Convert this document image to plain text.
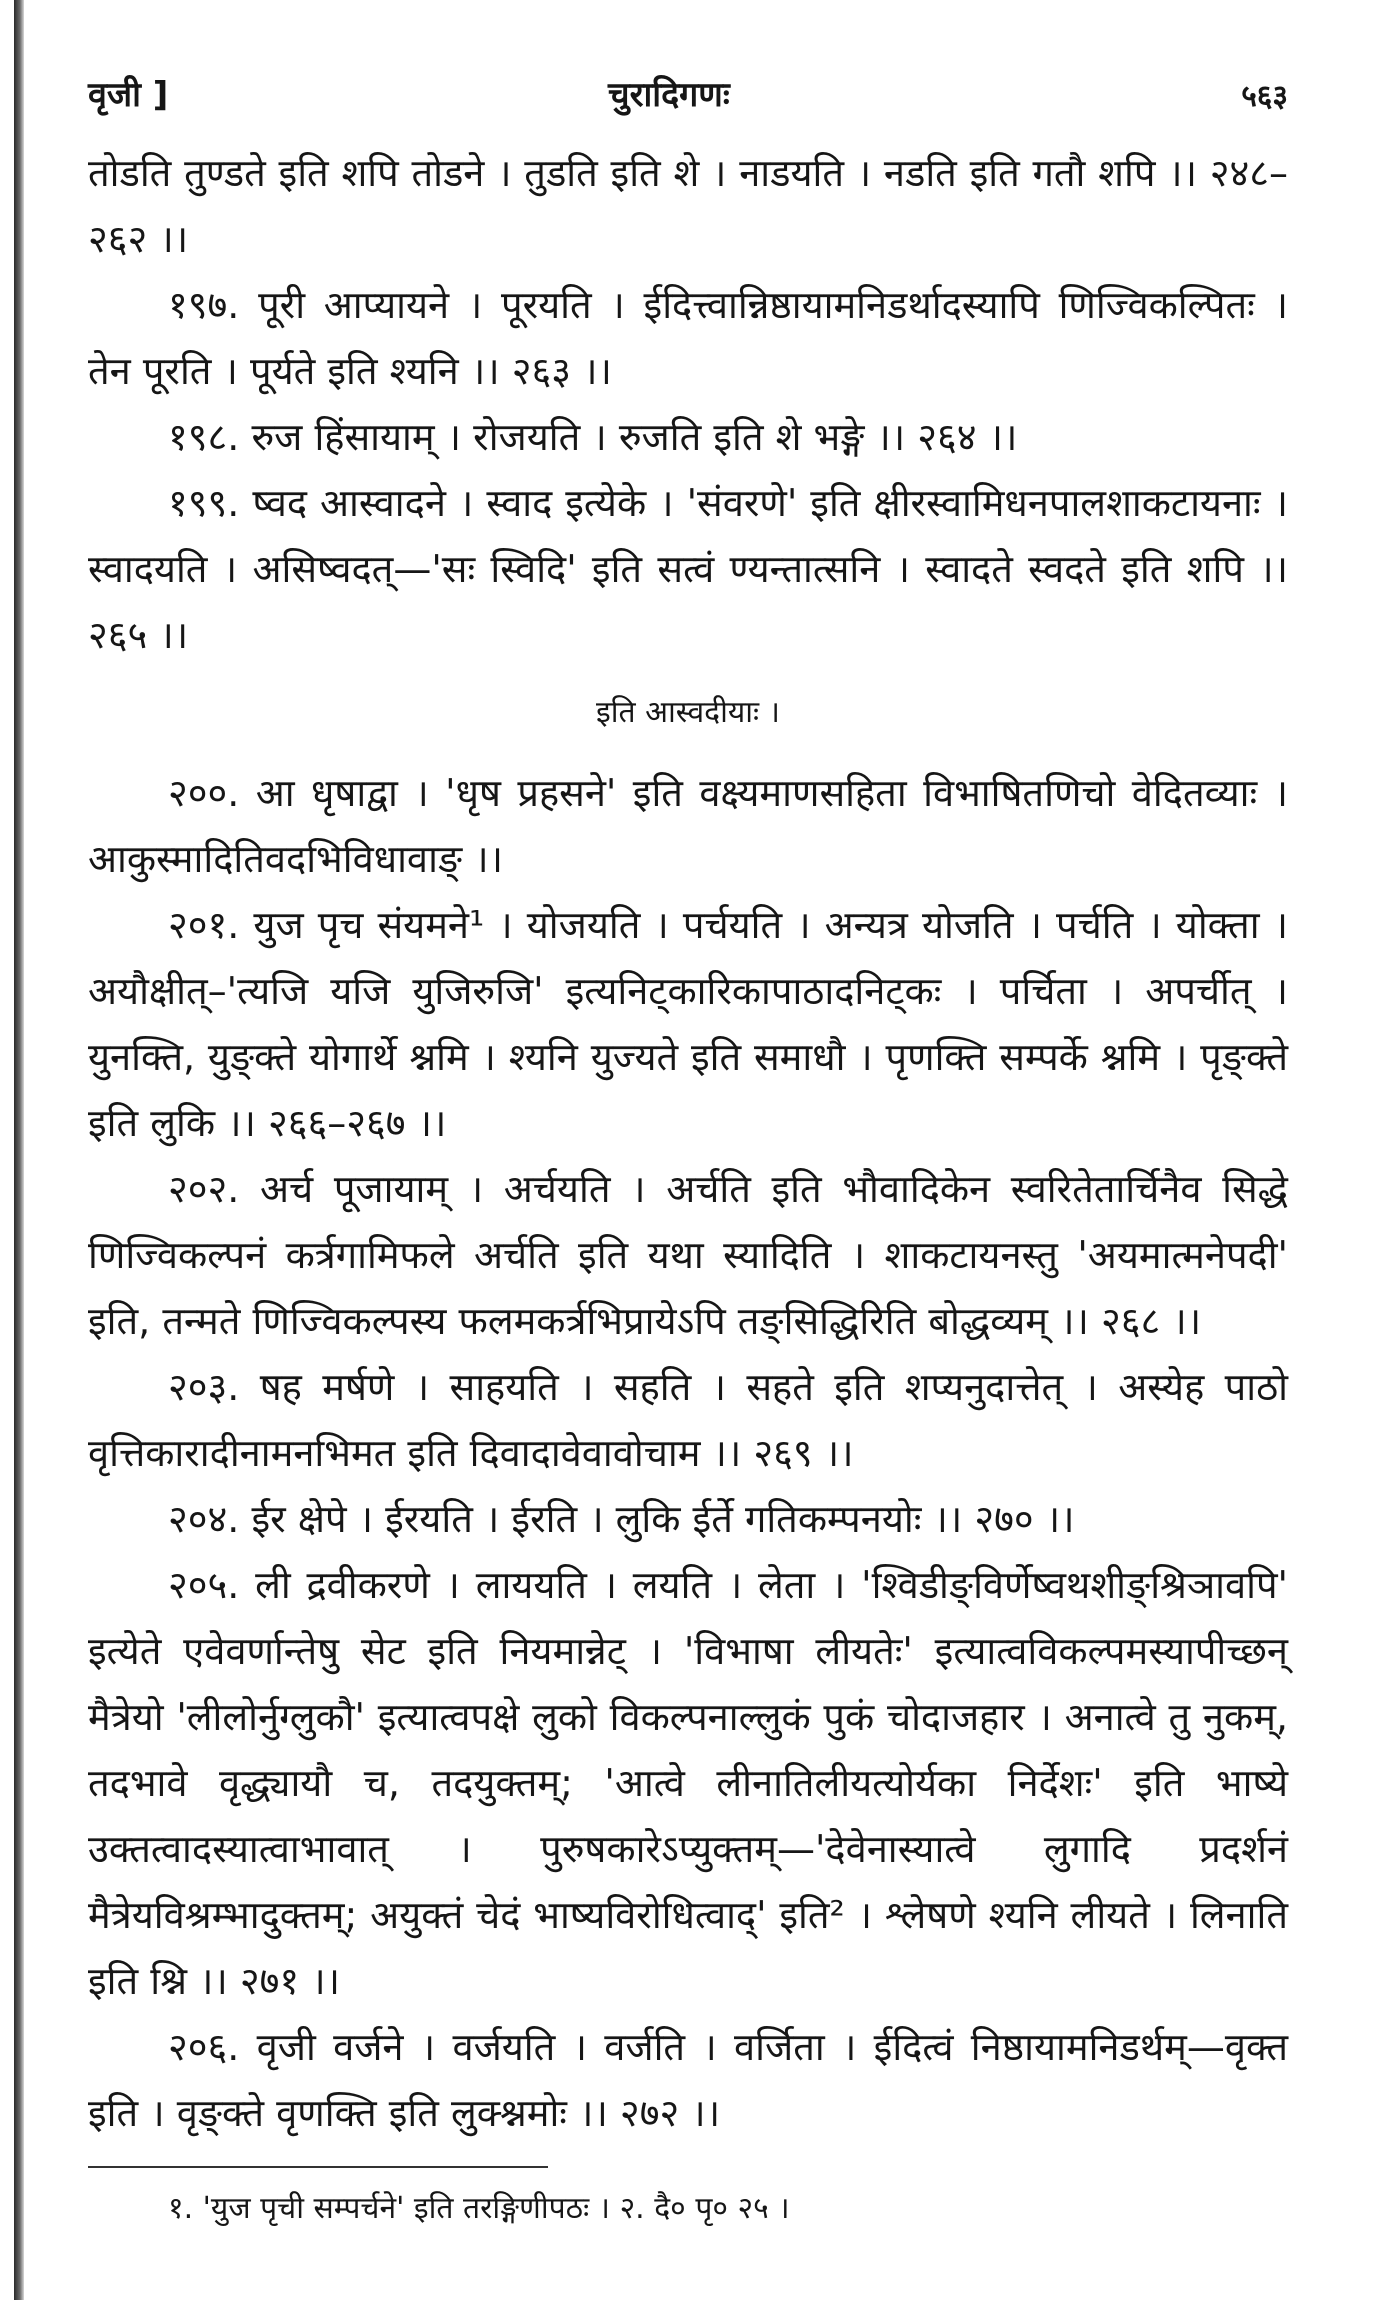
वृजी ]	चुरादिगणः	५६३

तोडति तुण्डते इति शपि तोडने । तुडति इति शे । नाडयति । नडति इति गतौ शपि ।। २४८–२६२ ।।

१९७. पूरी आप्यायने । पूरयति । ईदित्त्वान्निष्ठायामनिडर्थादस्यापि णिज्विकल्पितः । तेन पूरति । पूर्यते इति श्यनि ।। २६३ ।।

१९८. रुज हिंसायाम् । रोजयति । रुजति इति शे भङ्गे ।। २६४ ।।

१९९. ष्वद आस्वादने । स्वाद इत्येके । 'संवरणे' इति क्षीरस्वामिधनपालशाकटायनाः । स्वादयति । असिष्वदत्—'सः स्विदि' इति सत्वं ण्यन्तात्सनि । स्वादते स्वदते इति शपि ।। २६५ ।।

इति आस्वदीयाः ।

२००. आ धृषाद्वा । 'धृष प्रहसने' इति वक्ष्यमाणसहिता विभाषितणिचो वेदितव्याः । आकुस्मादितिवदभिविधावाङ् ।।

२०१. युज पृच संयमने¹ । योजयति । पर्चयति । अन्यत्र योजति । पर्चति । योक्ता । अयौक्षीत्–'त्यजि यजि युजिरुजि' इत्यनिट्कारिकापाठादनिट्कः । पर्चिता । अपर्चीत् । युनक्ति, युङ्क्ते योगार्थे श्नमि । श्यनि युज्यते इति समाधौ । पृणक्ति सम्पर्के श्नमि । पृङ्क्ते इति लुकि ।। २६६–२६७ ।।

२०२. अर्च पूजायाम् । अर्चयति । अर्चति इति भौवादिकेन स्वरितेतार्चिनैव सिद्धे णिज्विकल्पनं कर्त्रगामिफले अर्चति इति यथा स्यादिति । शाकटायनस्तु 'अयमात्मनेपदी' इति, तन्मते णिज्विकल्पस्य फलमकर्त्रभिप्रायेऽपि तङ्सिद्धिरिति बोद्धव्यम् ।। २६८ ।।

२०३. षह मर्षणे । साहयति । सहति । सहते इति शप्यनुदात्तेत् । अस्येह पाठो वृत्तिकारादीनामनभिमत इति दिवादावेवावोचाम ।। २६९ ।।

२०४. ईर क्षेपे । ईरयति । ईरति । लुकि ईर्ते गतिकम्पनयोः ।। २७० ।।

२०५. ली द्रवीकरणे । लाययति । लयति । लेता । 'श्विडीङ्विर्णेष्वथशीङ्श्रिञावपि' इत्येते एवेवर्णान्तेषु सेट इति नियमान्नेट् । 'विभाषा लीयतेः' इत्यात्वविकल्पमस्यापीच्छन् मैत्रेयो 'लीलोर्नुग्लुकौ' इत्यात्वपक्षे लुको विकल्पनाल्लुकं पुकं चोदाजहार । अनात्वे तु नुकम्, तदभावे वृद्ध्यायौ च, तदयुक्तम्; 'आत्वे लीनातिलीयत्योर्यका निर्देशः' इति भाष्ये उक्तत्वादस्यात्वाभावात् । पुरुषकारेऽप्युक्तम्—'देवेनास्यात्वे लुगादि प्रदर्शनं मैत्रेयविश्रम्भादुक्तम्; अयुक्तं चेदं भाष्यविरोधित्वाद्' इति² । श्लेषणे श्यनि लीयते । लिनाति इति श्नि ।। २७१ ।।

२०६. वृजी वर्जने । वर्जयति । वर्जति । वर्जिता । ईदित्वं निष्ठायामनिडर्थम्—वृक्त इति । वृङ्क्ते वृणक्ति इति लुक्श्नमोः ।। २७२ ।।

१. 'युज पृची सम्पर्चने' इति तरङ्गिणीपठः । २. दै० पृ० २५ ।
